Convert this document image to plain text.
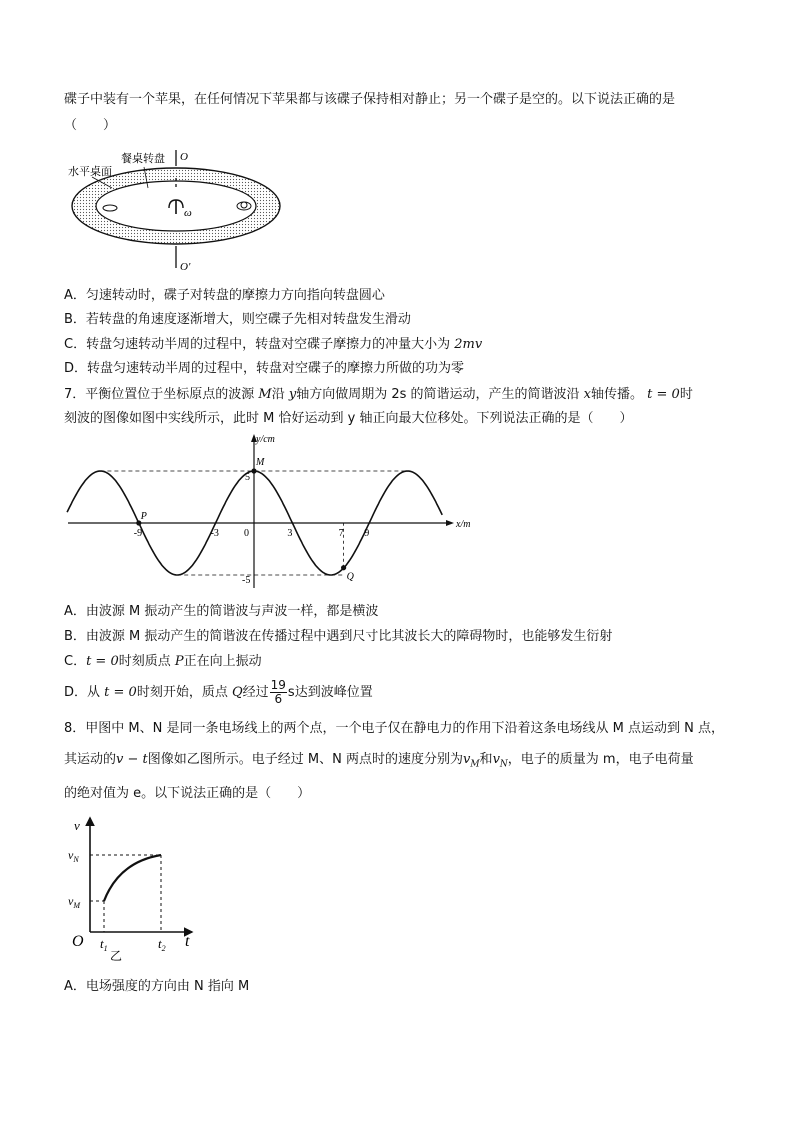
碟子中装有一个苹果，在任何情况下苹果都与该碟子保持相对静止；另一个碟子是空的。以下说法正确的是
（　　）
餐桌转盘
水平桌面
O
O'
ω
A．匀速转动时，碟子对转盘的摩擦力方向指向转盘圆心
B．若转盘的角速度逐渐增大，则空碟子先相对转盘发生滑动
C．转盘匀速转动半周的过程中，转盘对空碟子摩擦力的冲量大小为 2mv
D．转盘匀速转动半周的过程中，转盘对空碟子的摩擦力所做的功为零
7．平衡位置位于坐标原点的波源 M沿 y轴方向做周期为 2s 的简谐运动，产生的简谐波沿 x轴传播。 t = 0时
刻波的图像如图中实线所示，此时 M 恰好运动到 y 轴正向最大位移处。下列说法正确的是（　　）
-9	-3	0	3	7 9
5
-5
x/m
y/cm
M
P
Q
A．由波源 M 振动产生的简谐波与声波一样，都是横波
B．由波源 M 振动产生的简谐波在传播过程中遇到尺寸比其波长大的障碍物时，也能够发生衍射
C．t = 0时刻质点 P正在向上振动
D．从 t = 0时刻开始，质点 Q经过 $\frac{19}{6}$ s达到波峰位置
8．甲图中 M、N 是同一条电场线上的两个点，一个电子仅在静电力的作用下沿着这条电场线从 M 点运动到 N 点，
其运动的v − t图像如乙图所示。电子经过 M、N 两点时的速度分别为$v_M$和$v_N$，电子的质量为 m，电子电荷量
的绝对值为 e。以下说法正确的是（　　）
v
$v_N$
$v_M$
O $t_1$	$t_2$ t
乙
A．电场强度的方向由 N 指向 M
